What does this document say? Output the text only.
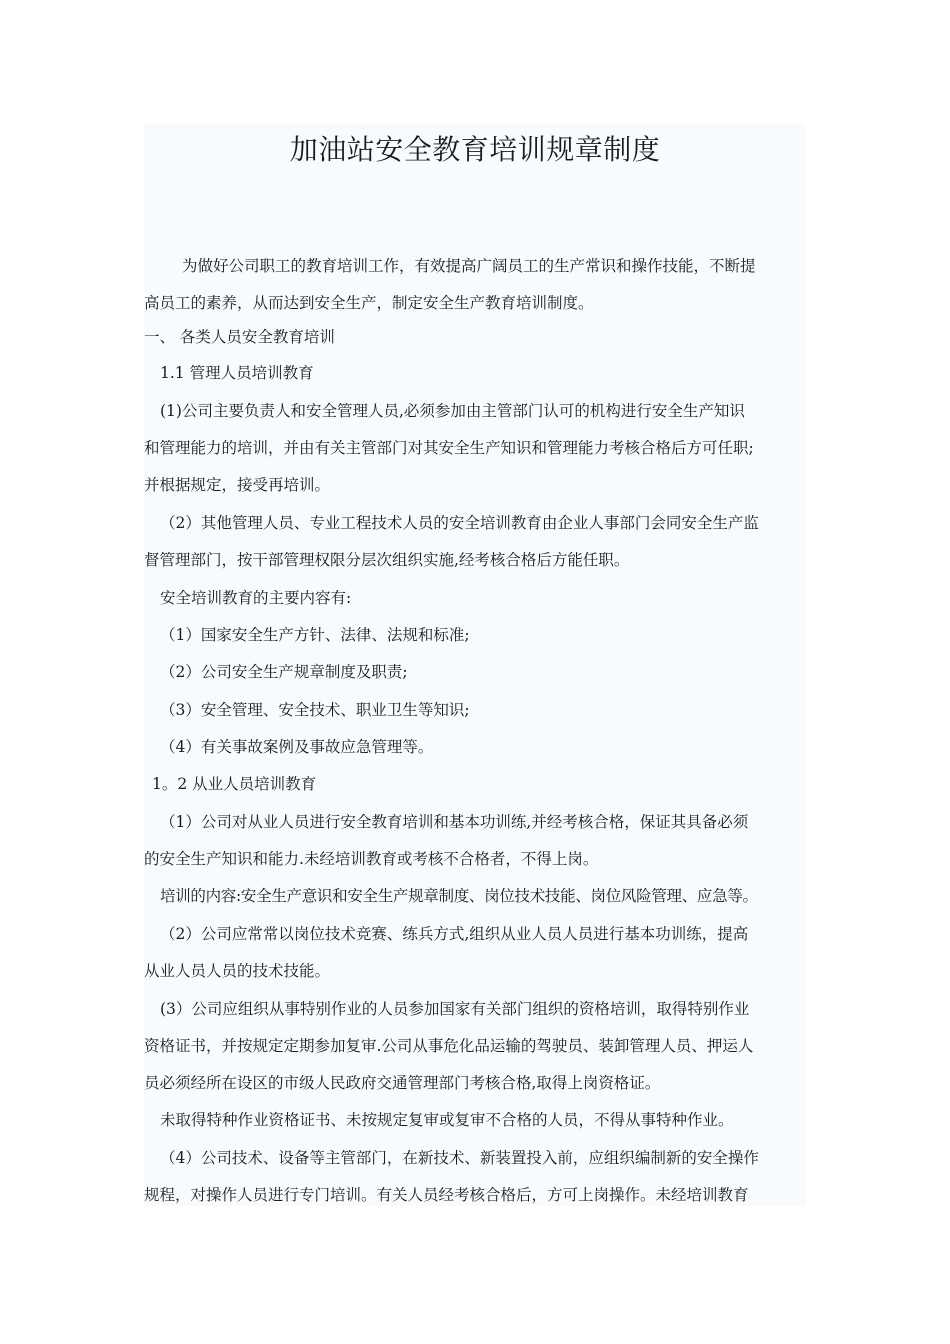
加油站安全教育培训规章制度
为做好公司职工的教育培训工作，有效提高广阔员工的生产常识和操作技能，不断提
高员工的素养，从而达到安全生产，制定安全生产教育培训制度。
一、 各类人员安全教育培训
1.1 管理人员培训教育
(1)公司主要负责人和安全管理人员,必须参加由主管部门认可的机构进行安全生产知识
和管理能力的培训，并由有关主管部门对其安全生产知识和管理能力考核合格后方可任职;
并根据规定，接受再培训。
（2）其他管理人员、专业工程技术人员的安全培训教育由企业人事部门会同安全生产监
督管理部门，按干部管理权限分层次组织实施,经考核合格后方能任职。
安全培训教育的主要内容有:
（1）国家安全生产方针、法律、法规和标准;
（2）公司安全生产规章制度及职责;
（3）安全管理、安全技术、职业卫生等知识;
（4）有关事故案例及事故应急管理等。
1。2 从业人员培训教育
（1）公司对从业人员进行安全教育培训和基本功训练,并经考核合格，保证其具备必须
的安全生产知识和能力.未经培训教育或考核不合格者，不得上岗。
培训的内容:安全生产意识和安全生产规章制度、岗位技术技能、岗位风险管理、应急等。
（2）公司应常常以岗位技术竞赛、练兵方式,组织从业人员人员进行基本功训练，提高
从业人员人员的技术技能。
(3）公司应组织从事特别作业的人员参加国家有关部门组织的资格培训，取得特别作业
资格证书，并按规定定期参加复审.公司从事危化品运输的驾驶员、装卸管理人员、押运人
员必须经所在设区的市级人民政府交通管理部门考核合格,取得上岗资格证。
未取得特种作业资格证书、未按规定复审或复审不合格的人员，不得从事特种作业。
（4）公司技术、设备等主管部门，在新技术、新装置投入前，应组织编制新的安全操作
规程，对操作人员进行专门培训。有关人员经考核合格后，方可上岗操作。未经培训教育
